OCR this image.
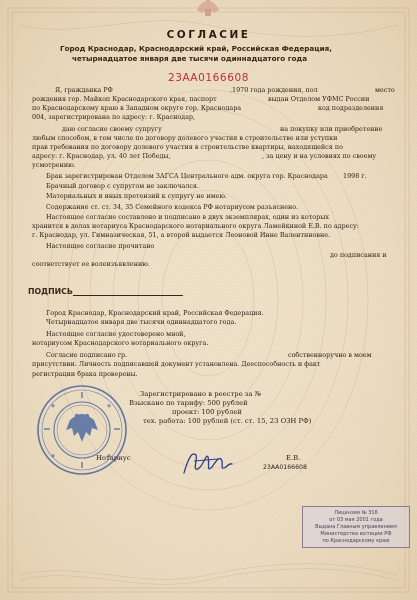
СОГЛАСИЕ
Город Краснодар, Краснодарский край, Российская Федерация,
четырнадцатое января две тысячи одиннадцатого года
23АА0166608
Я, гражданка РФ	.1970 года рождения, пол	место
рождения гор. Майкоп Краснодарского края, паспорт	выдан Отделом УФМС России
по Краснодарскому краю в Западном округе гор. Краснодара	код подразделения
004, зарегистрирована по адресу: г. Краснодар,
даю согласие своему супругу	на покупку или приобретение
любым способом, в том числе по договору долевого участия в строительстве или уступки
прав требования по договору долевого участия в строительстве квартиры, находящейся по
адресу: г. Краснодар, ул. 40 лет Победы,	, за цену и на условиях по своему
усмотрению.
Брак зарегистрирован Отделом ЗАГСА Центрального адм. округа гор. Краснодара 1998 г.
Брачный договор с супругом не заключался.
Материальных и иных претензий к супругу не имею.
Содержание ст. ст. 34, 35 Семейного кодекса РФ нотариусом разъяснено.
Настоящее согласие составлено и подписано в двух экземплярах, один из которых
хранится в делах нотариуса Краснодарского нотариального округа Ламейкиной Е.В. по адресу:
г. Краснодар, ул. Гимназическая, 51, а второй выдается Леоновой Инне Валентиновне.
Настоящее согласие прочитано
до подписания и
соответствует ее волеизъявлению.
ПОДПИСЬ
Город Краснодар, Краснодарский край, Российская Федерация.
Четырнадцатое января две тысячи одиннадцатого года.
Настоящее согласие удостоверено мной,
нотариусом Краснодарского нотариального округа.
Согласие подписано гр.	собственноручно в моем
присутствии. Личность подписавшей документ установлена. Дееспособность и факт
регистрации брака проверены.
Зарегистрировано в реестре за №
Взыскано по тарифу: 500 рублей
проект: 100 рублей
тех. работа: 100 рублей (ст. ст. 15, 23 ОЗН РФ)
Нотариус	Е.В.
23АА0166608
Лицензия № 316
от 03 мая 2001 года
Выдана Главным управлением
Министерства юстиции РФ
по Краснодарскому краю
